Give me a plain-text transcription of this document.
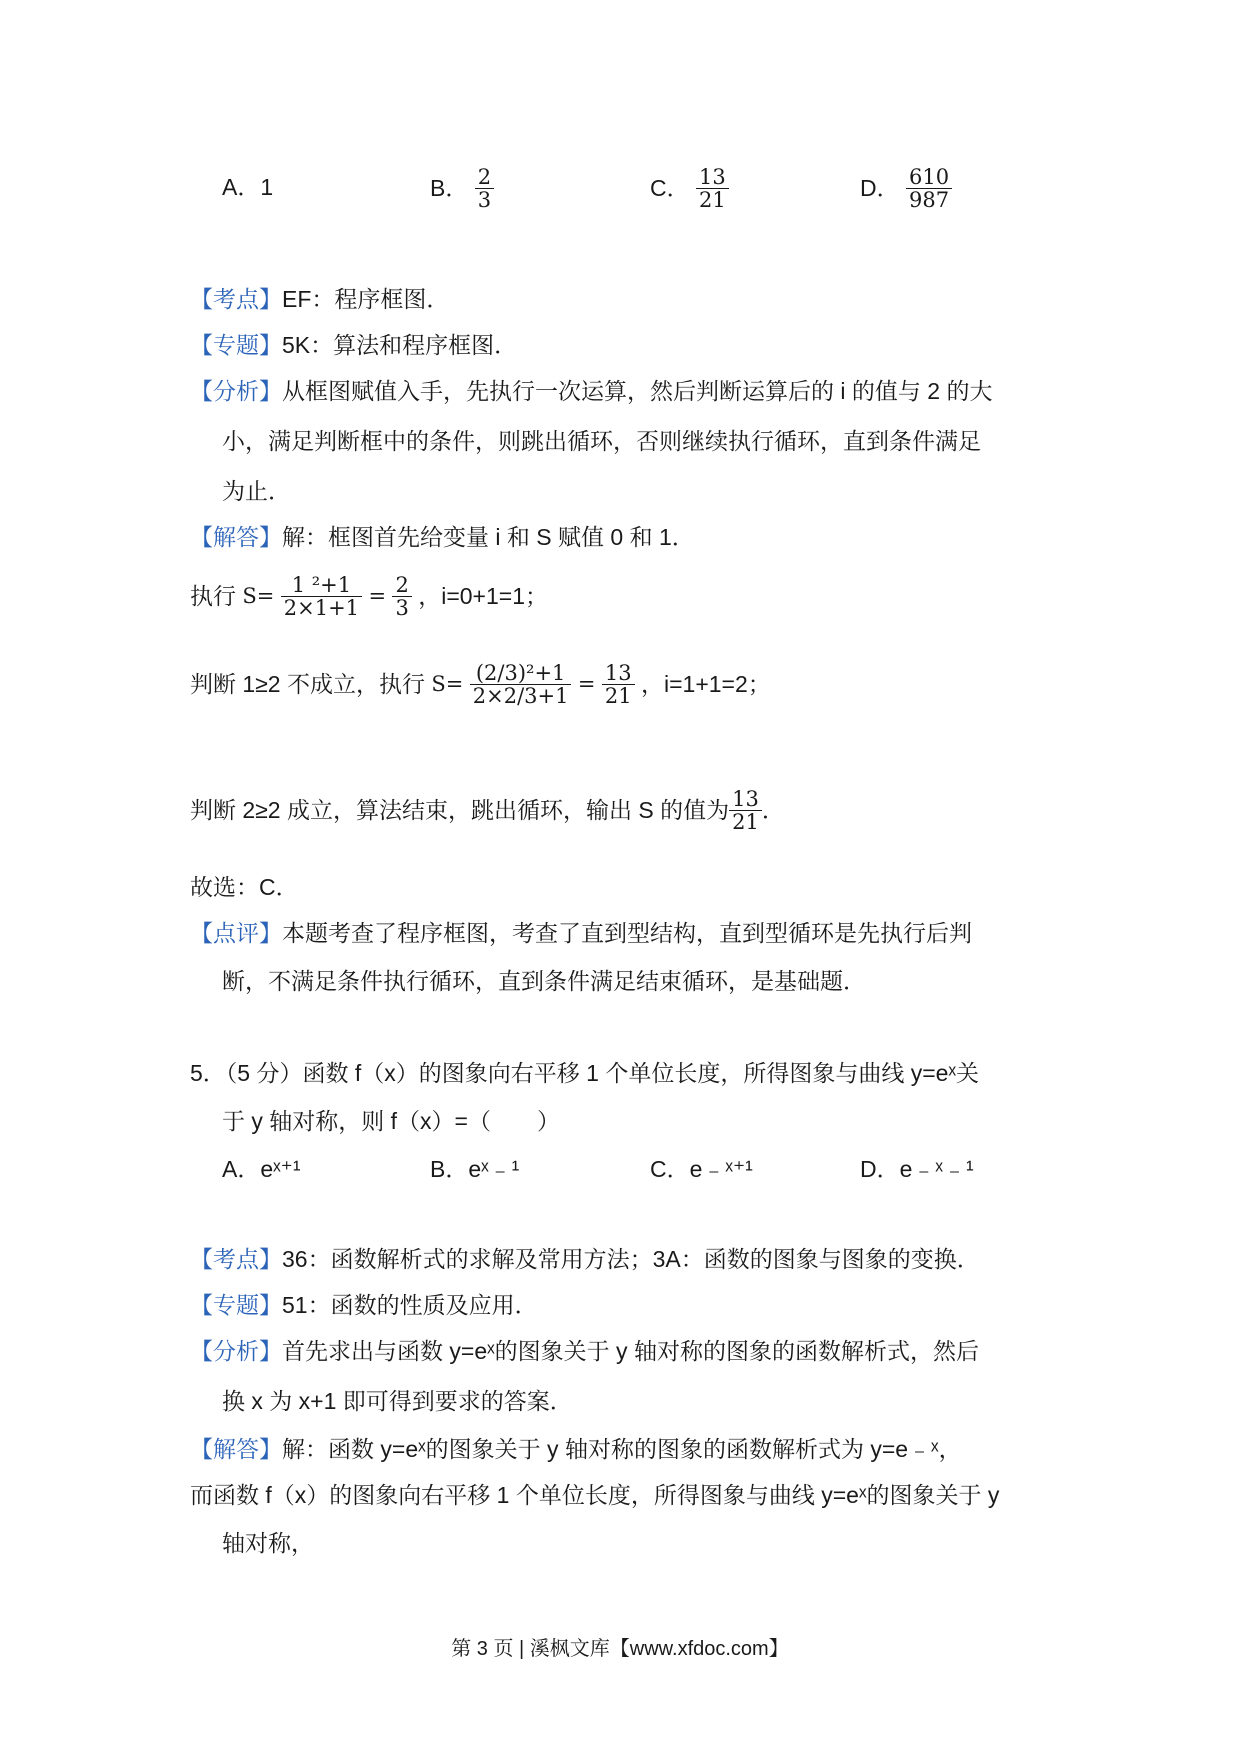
A．1	B． $\frac{2}{3}$	C． $\frac{13}{21}$	D． $\frac{610}{987}$
【考点】EF：程序框图．
【专题】5K：算法和程序框图．
【分析】从框图赋值入手，先执行一次运算，然后判断运算后的 i 的值与 2 的大
小，满足判断框中的条件，则跳出循环，否则继续执行循环，直到条件满足
为止．
【解答】解：框图首先给变量 i 和 S 赋值 0 和 1．
执行 $S= \frac{\text{1 ²+1}}{2\times 1+1} = \frac{2}{3}$ ，i=0+1=1；
判断 1≥2 不成立，执行 $S= \frac{\text{(2/3)²+1}}{2\times 2/3+1} = \frac{13}{21}$ ，i=1+1=2；
判断 2≥2 成立，算法结束，跳出循环，输出 S 的值为 $\frac{13}{21}$ ．
故选：C．
【点评】本题考查了程序框图，考查了直到型结构，直到型循环是先执行后判
断，不满足条件执行循环，直到条件满足结束循环，是基础题．
5．（5 分）函数 f（x）的图象向右平移 1 个单位长度，所得图象与曲线 y=eˣ关
于 y 轴对称，则 f（x）=（　　）
A．eˣ⁺¹	B．eˣ﹣¹	C．e﹣ˣ⁺¹	D．e﹣ˣ﹣¹
【考点】36：函数解析式的求解及常用方法；3A：函数的图象与图象的变换．
【专题】51：函数的性质及应用．
【分析】首先求出与函数 y=eˣ的图象关于 y 轴对称的图象的函数解析式，然后
换 x 为 x+1 即可得到要求的答案．
【解答】解：函数 y=eˣ的图象关于 y 轴对称的图象的函数解析式为 y=e﹣ˣ，
而函数 f（x）的图象向右平移 1 个单位长度，所得图象与曲线 y=eˣ的图象关于 y
轴对称，
第 3 页 | 溪枫文库【www.xfdoc.com】
